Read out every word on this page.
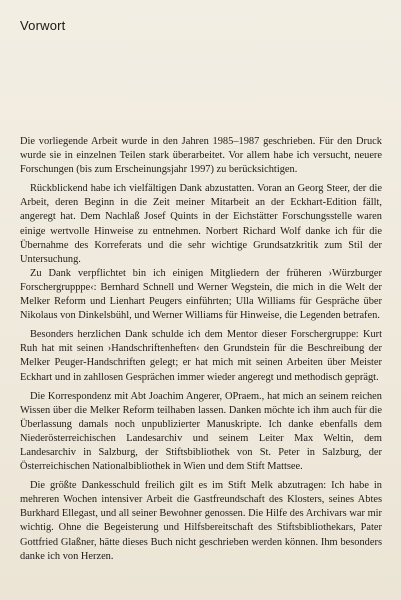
Vorwort

Die vorliegende Arbeit wurde in den Jahren 1985–1987 geschrieben. Für den Druck wurde sie in einzelnen Teilen stark überarbeitet. Vor allem habe ich versucht, neuere Forschungen (bis zum Erscheinungsjahr 1997) zu berücksichtigen.

Rückblickend habe ich vielfältigen Dank abzustatten. Voran an Georg Steer, der die Arbeit, deren Beginn in die Zeit meiner Mitarbeit an der Eckhart-Edition fällt, angeregt hat. Dem Nachlaß Josef Quints in der Eichstätter Forschungsstelle waren einige wertvolle Hinweise zu entnehmen. Norbert Richard Wolf danke ich für die Übernahme des Korreferats und die sehr wichtige Grundsatzkritik zum Stil der Untersuchung.

Zu Dank verpflichtet bin ich einigen Mitgliedern der früheren ›Würzburger Forschergrupppe‹: Bernhard Schnell und Werner Wegstein, die mich in die Welt der Melker Reform und Lienhart Peugers einführten; Ulla Williams für Gespräche über Nikolaus von Dinkelsbühl, und Werner Williams für Hinweise, die Legenden betrafen.

Besonders herzlichen Dank schulde ich dem Mentor dieser Forschergruppe: Kurt Ruh hat mit seinen ›Handschriftenheften‹ den Grundstein für die Beschreibung der Melker Peuger-Handschriften gelegt; er hat mich mit seinen Arbeiten über Meister Eckhart und in zahllosen Gesprächen immer wieder angeregt und methodisch geprägt.

Die Korrespondenz mit Abt Joachim Angerer, OPraem., hat mich an seinem reichen Wissen über die Melker Reform teilhaben lassen. Danken möchte ich ihm auch für die Überlassung damals noch unpublizierter Manuskripte. Ich danke ebenfalls dem Niederösterreichischen Landesarchiv und seinem Leiter Max Weltin, dem Landesarchiv in Salzburg, der Stiftsbibliothek von St. Peter in Salzburg, der Österreichischen Nationalbibliothek in Wien und dem Stift Mattsee.

Die größte Dankesschuld freilich gilt es im Stift Melk abzutragen: Ich habe in mehreren Wochen intensiver Arbeit die Gastfreundschaft des Klosters, seines Abtes Burkhard Ellegast, und all seiner Bewohner genossen. Die Hilfe des Archivars war mir wichtig. Ohne die Begeisterung und Hilfsbereitschaft des Stiftsbibliothekars, Pater Gottfried Glaßner, hätte dieses Buch nicht geschrieben werden können. Ihm besonders danke ich von Herzen.
